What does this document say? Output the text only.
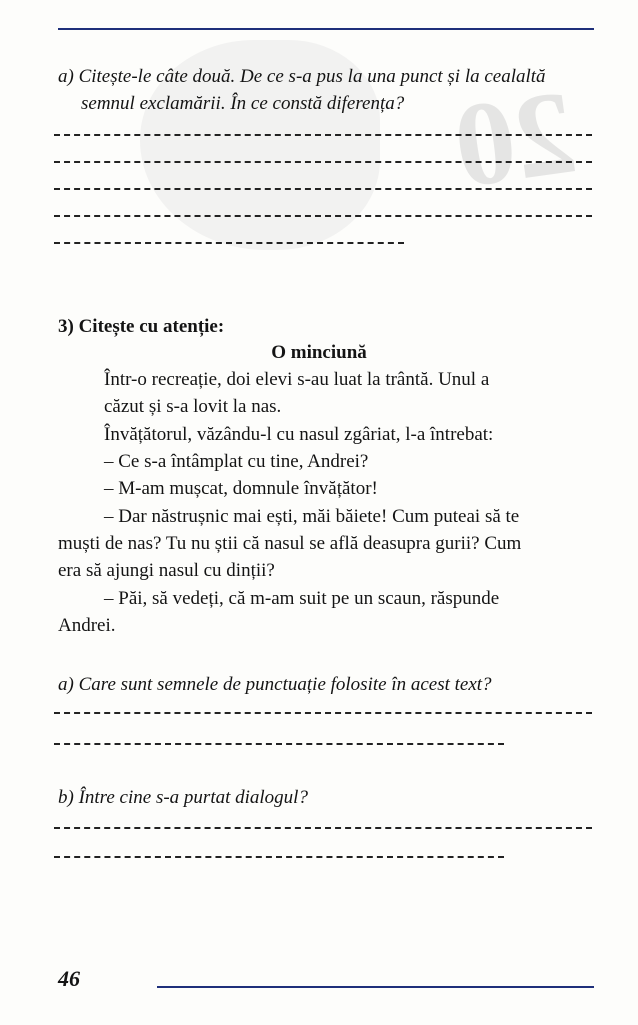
20
a) Citește-le câte două. De ce s-a pus la una punct și la cealaltă
semnul exclamării. În ce constă diferența?
3) Citește cu atenție:
O minciună
Într-o recreație, doi elevi s-au luat la trântă. Unul a
căzut și s-a lovit la nas.
Învățătorul, văzându-l cu nasul zgâriat, l-a întrebat:
– Ce s-a întâmplat cu tine, Andrei?
– M-am mușcat, domnule învățător!
– Dar năstrușnic mai ești, măi băiete! Cum puteai să te
muști de nas? Tu nu știi că nasul se află deasupra gurii? Cum
era să ajungi nasul cu dinții?
– Păi, să vedeți, că m-am suit pe un scaun, răspunde
Andrei.
a) Care sunt semnele de punctuație folosite în acest text?
b) Între cine s-a purtat dialogul?
46
